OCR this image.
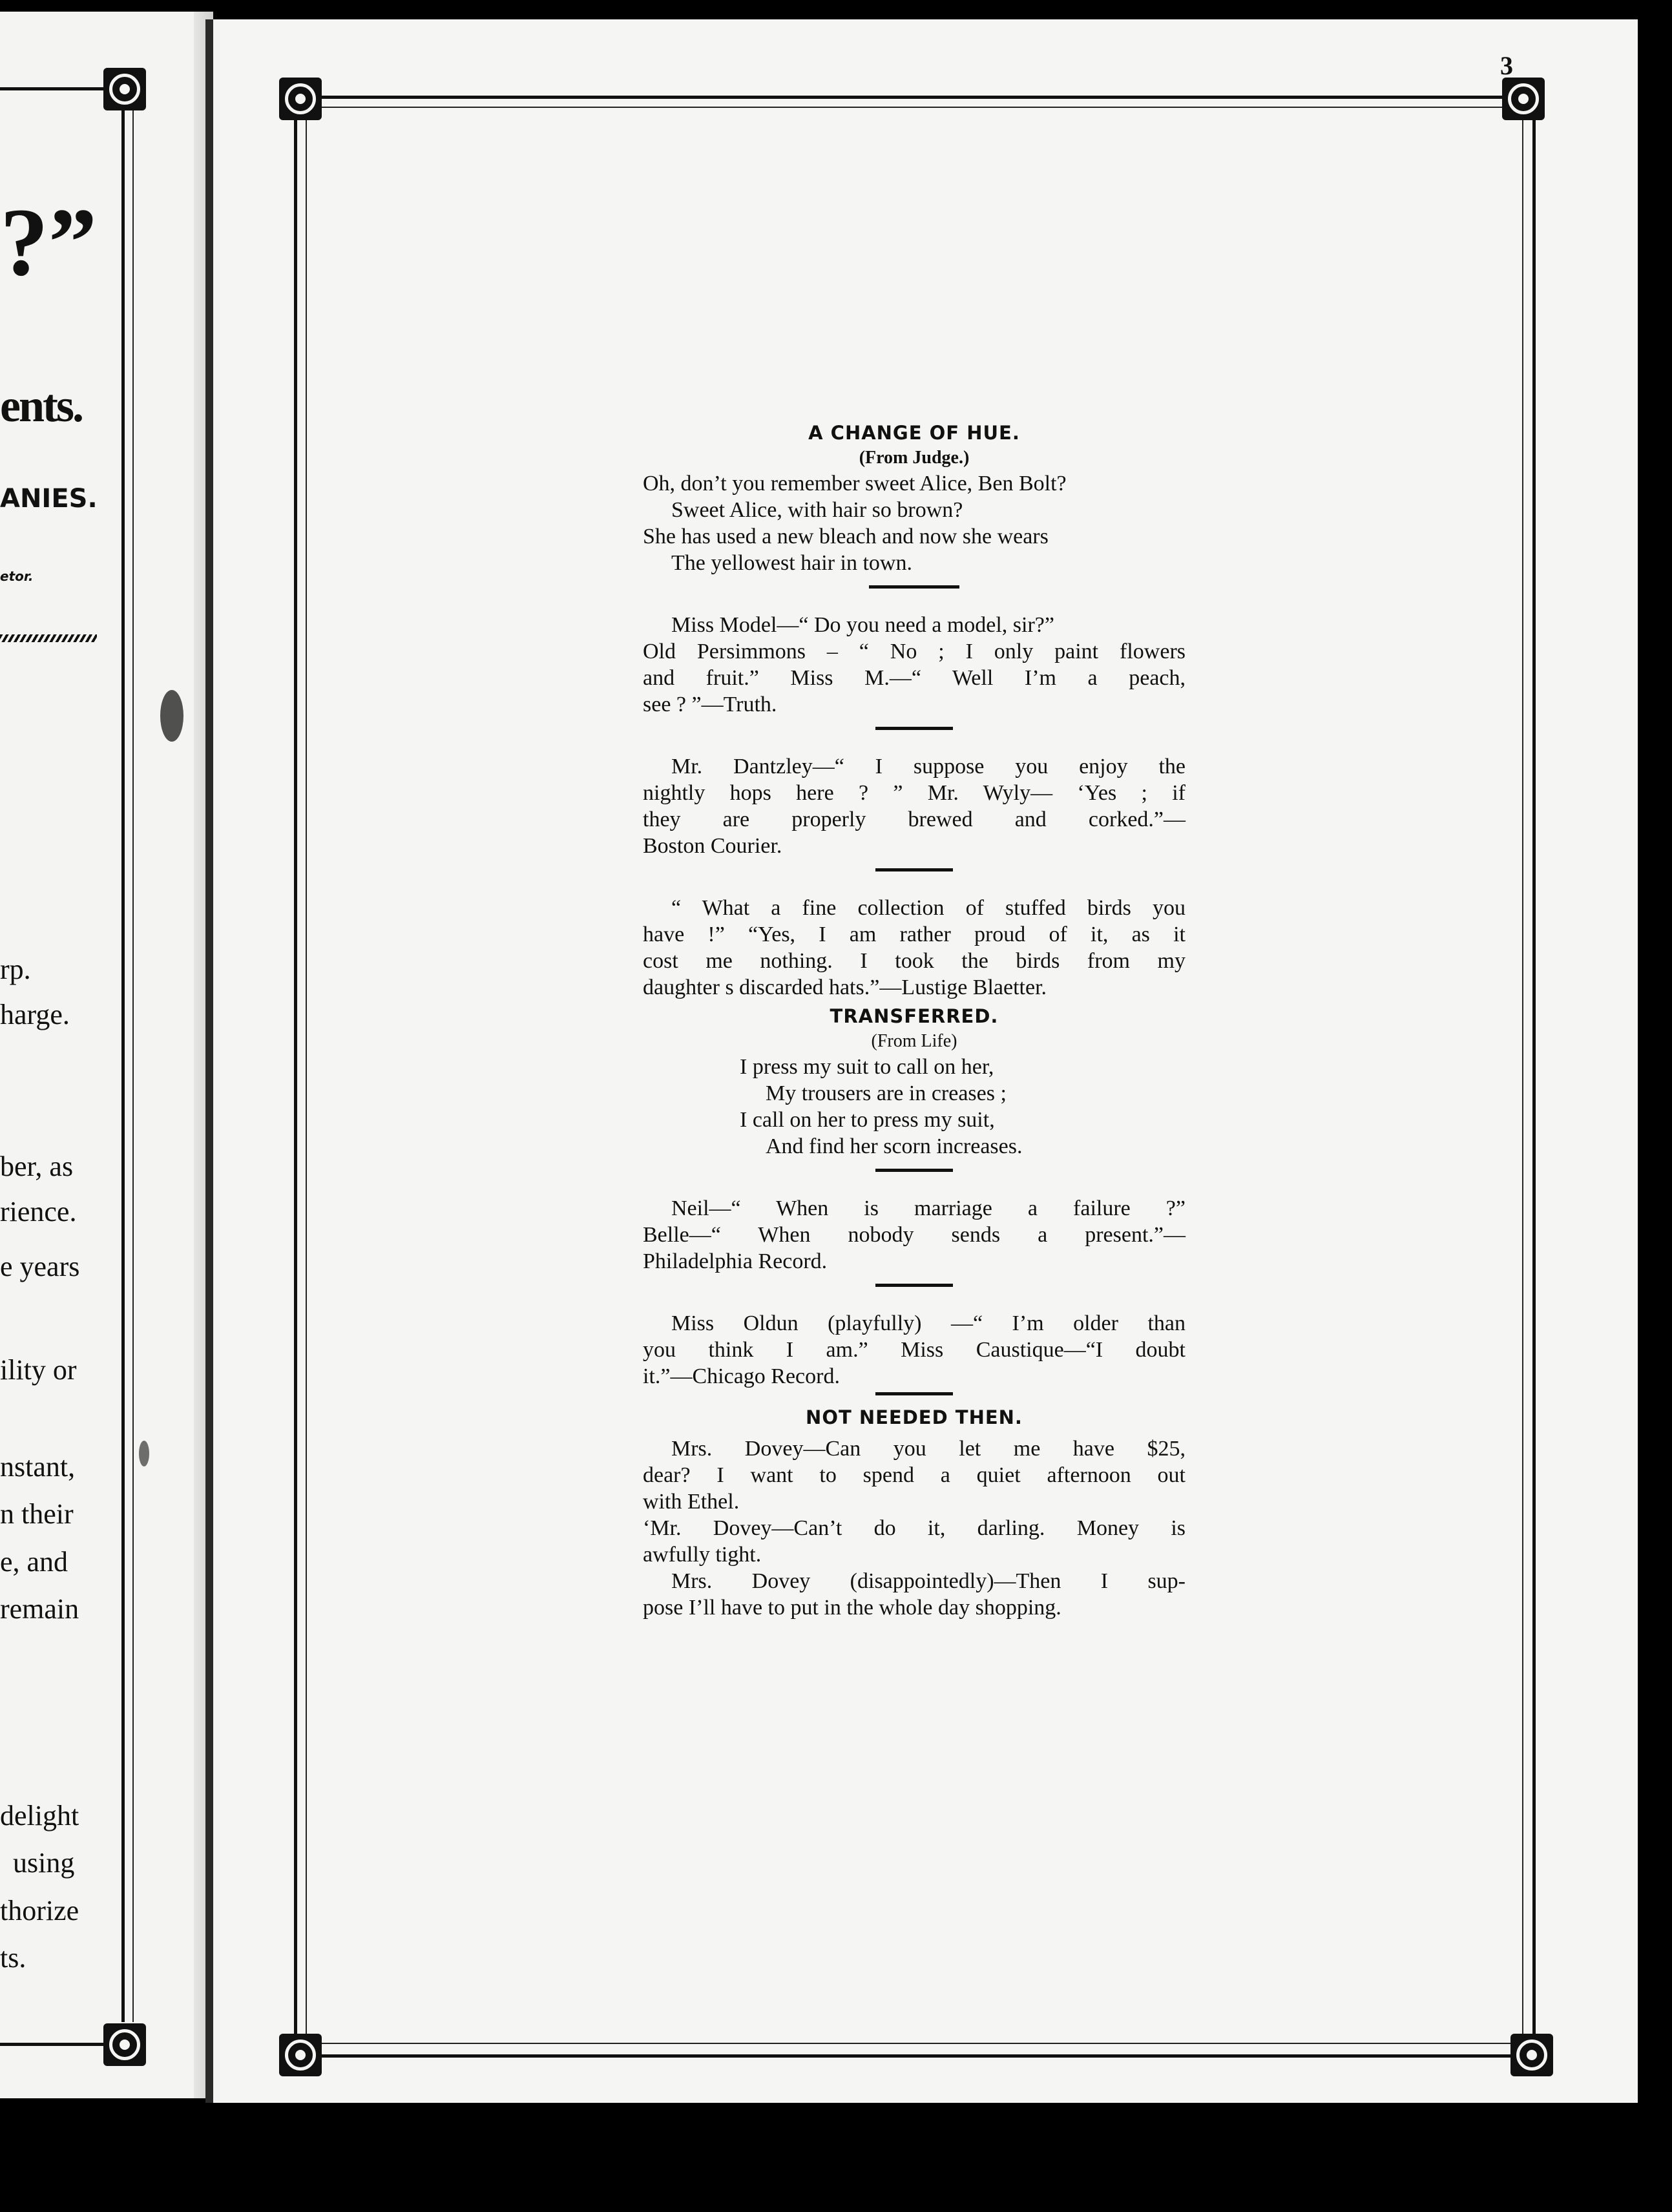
?”
ents.
ANIES.
etor.
rp.
harge.
ber, as
rience.
e years
ility or
nstant,
n their
e, and
remain
delight
using
thorize
ts.
3

A CHANGE OF HUE.

(From Judge.)

Oh, don’t you remember sweet Alice, Ben Bolt?

Sweet Alice, with hair so brown?

She has used a new bleach and now she wears

The yellowest hair in town.

Miss Model—“ Do you need a model, sir?”

Old Persimmons – “ No ; I only paint flowers

and fruit.” Miss M.—“ Well I’m a peach,

see ? ”—Truth.

Mr. Dantzley—“ I suppose you enjoy the

nightly hops here ? ” Mr. Wyly— ‘Yes ; if

they are properly brewed and corked.”—

Boston Courier.

“ What a fine collection of stuffed birds you

have !” “Yes, I am rather proud of it, as it

cost me nothing. I took the birds from my

daughter s discarded hats.”—Lustige Blaetter.

TRANSFERRED.

(From Life)

I press my suit to call on her,

My trousers are in creases ;

I call on her to press my suit,

And find her scorn increases.

Neil—“ When is marriage a failure ?”

Belle—“ When nobody sends a present.”—

Philadelphia Record.

Miss Oldun (playfully) —“ I’m older than

you think I am.” Miss Caustique—“I doubt

it.”—Chicago Record.

NOT NEEDED THEN.

Mrs. Dovey—Can you let me have $25,

dear? I want to spend a quiet afternoon out

with Ethel.

‘Mr. Dovey—Can’t do it, darling. Money is

awfully tight.

Mrs. Dovey (disappointedly)—Then I sup-

pose I’ll have to put in the whole day shopping.
